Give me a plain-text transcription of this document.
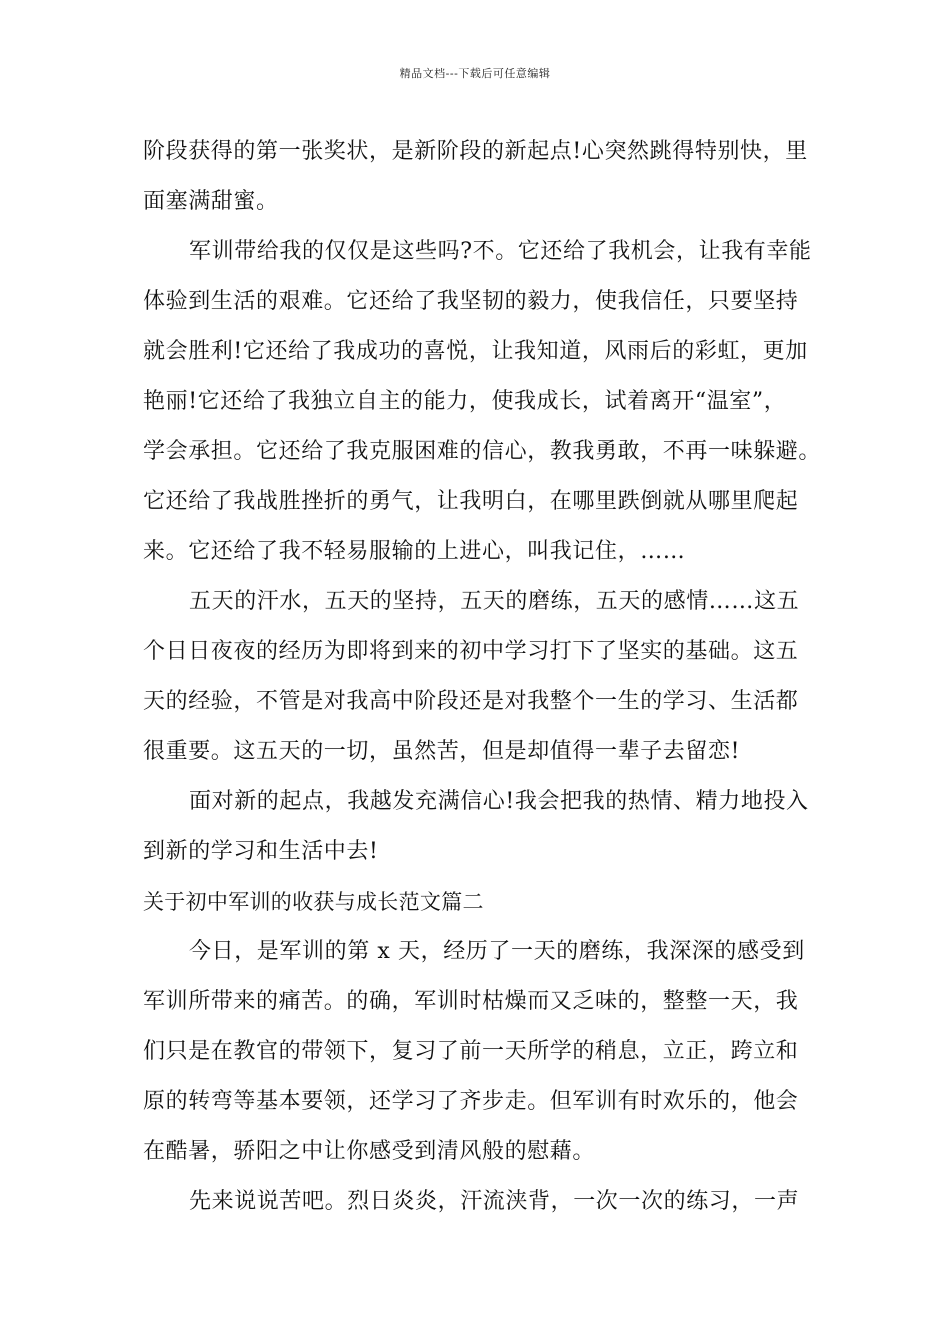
精品文档---下载后可任意编辑
阶段获得的第一张奖状，是新阶段的新起点!心突然跳得特别快，里
面塞满甜蜜。
军训带给我的仅仅是这些吗?不。它还给了我机会，让我有幸能
体验到生活的艰难。它还给了我坚韧的毅力，使我信任，只要坚持
就会胜利!它还给了我成功的喜悦，让我知道，风雨后的彩虹，更加
艳丽!它还给了我独立自主的能力，使我成长，试着离开“温室”，
学会承担。它还给了我克服困难的信心，教我勇敢，不再一味躲避。
它还给了我战胜挫折的勇气，让我明白，在哪里跌倒就从哪里爬起
来。它还给了我不轻易服输的上进心，叫我记住，……
五天的汗水，五天的坚持，五天的磨练，五天的感情……这五
个日日夜夜的经历为即将到来的初中学习打下了坚实的基础。这五
天的经验，不管是对我高中阶段还是对我整个一生的学习、生活都
很重要。这五天的一切，虽然苦，但是却值得一辈子去留恋!
面对新的起点，我越发充满信心!我会把我的热情、精力地投入
到新的学习和生活中去!
关于初中军训的收获与成长范文篇二
今日，是军训的第 x 天，经历了一天的磨练，我深深的感受到
军训所带来的痛苦。的确，军训时枯燥而又乏味的，整整一天，我
们只是在教官的带领下，复习了前一天所学的稍息，立正，跨立和
原的转弯等基本要领，还学习了齐步走。但军训有时欢乐的，他会
在酷暑，骄阳之中让你感受到清风般的慰藉。
先来说说苦吧。烈日炎炎，汗流浃背，一次一次的练习，一声
